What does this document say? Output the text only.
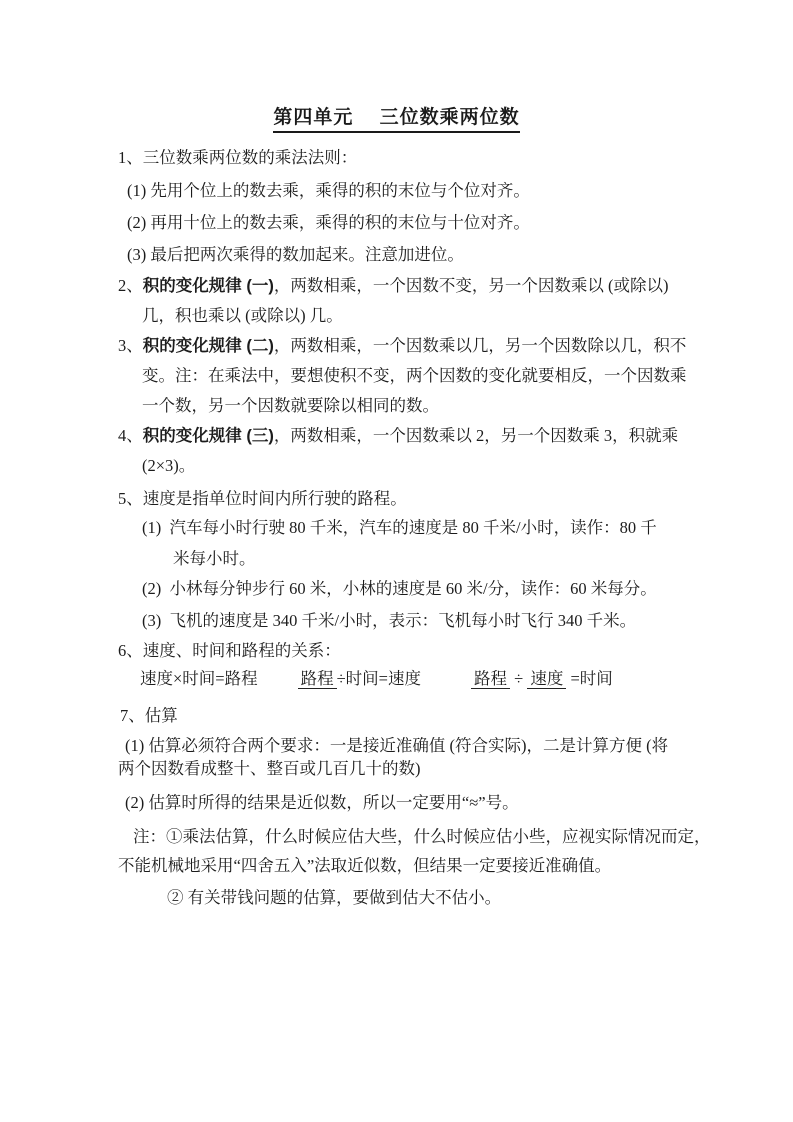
第四单元　 三位数乘两位数
1、三位数乘两位数的乘法法则：
(1) 先用个位上的数去乘，乘得的积的末位与个位对齐。
(2) 再用十位上的数去乘，乘得的积的末位与十位对齐。
(3) 最后把两次乘得的数加起来。注意加进位。
2、积的变化规律 (一)，两数相乘，一个因数不变，另一个因数乘以 (或除以)
几，积也乘以 (或除以) 几。
3、积的变化规律 (二)，两数相乘，一个因数乘以几，另一个因数除以几，积不
变。注：在乘法中，要想使积不变，两个因数的变化就要相反，一个因数乘
一个数，另一个因数就要除以相同的数。
4、积的变化规律 (三)，两数相乘，一个因数乘以 2，另一个因数乘 3，积就乘
(2×3)。
5、速度是指单位时间内所行驶的路程。
(1)  汽车每小时行驶 80 千米，汽车的速度是 80 千米/小时，读作：80 千
米每小时。
(2)  小林每分钟步行 60 米，小林的速度是 60 米/分，读作：60 米每分。
(3)  飞机的速度是 340 千米/小时，表示：飞机每小时飞行 340 千米。
6、速度、时间和路程的关系：
速度×时间=路程	路程 ÷时间=速度	路程 ÷ 速度 =时间
7、估算
(1) 估算必须符合两个要求：一是接近准确值 (符合实际)，二是计算方便 (将
两个因数看成整十、整百或几百几十的数)
(2) 估算时所得的结果是近似数，所以一定要用“≈”号。
注：①乘法估算，什么时候应估大些，什么时候应估小些，应视实际情况而定，
不能机械地采用“四舍五入”法取近似数，但结果一定要接近准确值。
② 有关带钱问题的估算，要做到估大不估小。
